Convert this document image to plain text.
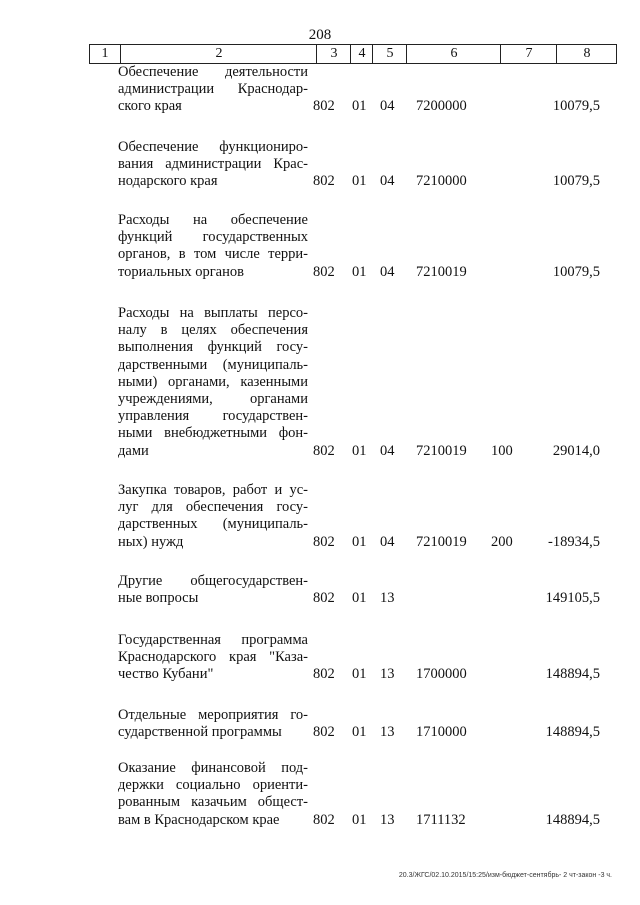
208
1	2	3	4	5	6	7	8
Обеспечение деятельности
администрации Краснодар-
ского края	802 01 04 7200000	10079,5
Обеспечение функциониро-
вания администрации Крас-
нодарского края	802 01 04 7210000	10079,5
Расходы на обеспечение
функций государственных
органов, в том числе терри-
ториальных органов	802 01 04 7210019	10079,5
Расходы на выплаты персо-
налу в целях обеспечения
выполнения функций госу-
дарственными (муниципаль-
ными) органами, казенными
учреждениями, органами
управления государствен-
ными внебюджетными фон-
дами	802 01 04 7210019 100	29014,0
Закупка товаров, работ и ус-
луг для обеспечения госу-
дарственных (муниципаль-
ных) нужд	802 01 04 7210019 200 -18934,5
Другие общегосударствен-
ные вопросы	802 01 13	149105,5
Государственная программа
Краснодарского края "Каза-
чество Кубани"	802 01 13 1700000	148894,5
Отдельные мероприятия го-
сударственной программы	802 01 13 1710000	148894,5
Оказание финансовой под-
держки социально ориенти-
рованным казачьим общест-
вам в Краснодарском крае	802 01 13 1711132	148894,5
20.3/ЖГС/02.10.2015/15:25/изм-бюджет-сентябрь- 2 чт-закон -3 ч.
